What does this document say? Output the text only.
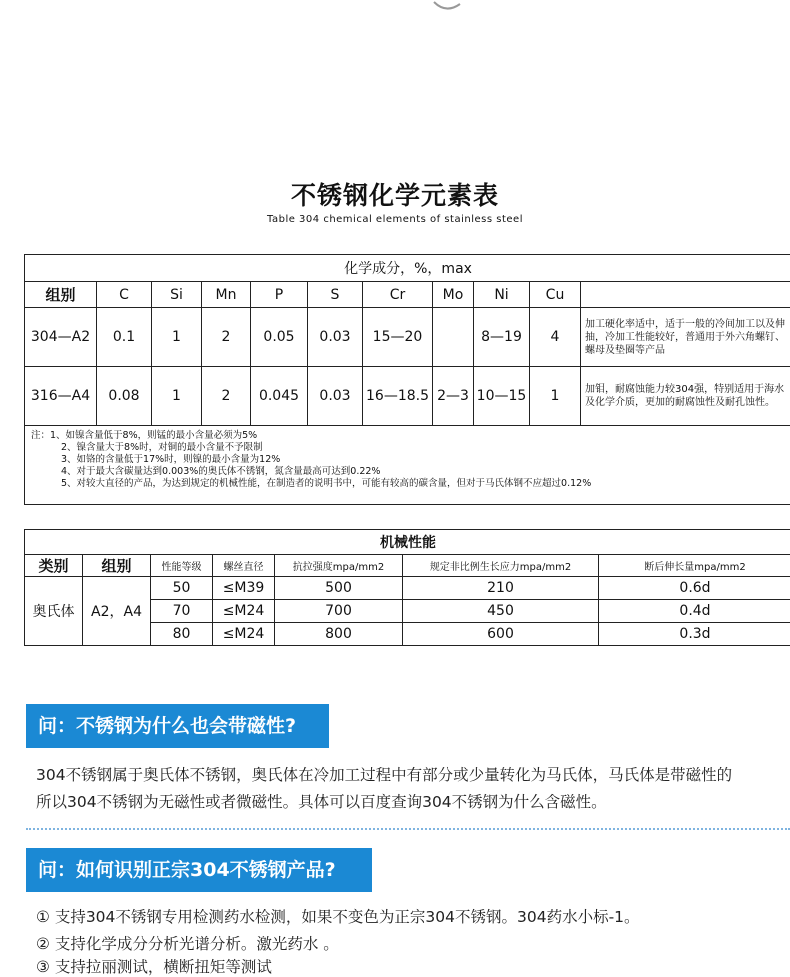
不锈钢化学元素表
Table 304 chemical elements of stainless steel
化学成分，%，max										
组别	C	Si	Mn	P	S	Cr	Mo	Ni	Cu	
304—A2	0.1	1	2	0.05	0.03	15—20		8—19	4	加工硬化率适中，适于一般的冷间加工以及伸抽，冷加工性能较好，普通用于外六角螺钉、螺母及垫圈等产品
316—A4	0.08	1	2	0.045	0.03	16—18.5	2—3	10—15	1	加钼，耐腐蚀能力较304强，特别适用于海水及化学介质，更加的耐腐蚀性及耐孔蚀性。

注：1、如镍含量低于8%，则锰的最小含量必须为5%
2、镍含量大于8%时，对铜的最小含量不予限制
3、如铬的含量低于17%时，则镍的最小含量为12%
4、对于最大含碳量达到0.003%的奥氏体不锈钢，氮含量最高可达到0.22%
5、对较大直径的产品，为达到规定的机械性能，在制造者的说明书中，可能有较高的碳含量，但对于马氏体钢不应超过0.12%										
机械性能						
类别	组别	性能等级	螺丝直径	抗拉强度mpa/mm2	规定非比例生长应力mpa/mm2	断后伸长量mpa/mm2
奥氏体	A2，A4	50	≤M39	500	210	0.6d
		70	≤M24	700	450	0.4d
		80	≤M24	800	600	0.3d
问：不锈钢为什么也会带磁性?
304不锈钢属于奥氏体不锈钢，奥氏体在冷加工过程中有部分或少量转化为马氏体，马氏体是带磁性的
所以304不锈钢为无磁性或者微磁性。具体可以百度查询304不锈钢为什么含磁性。
问：如何识别正宗304不锈钢产品?
① 支持304不锈钢专用检测药水检测，如果不变色为正宗304不锈钢。304药水小标-1。
② 支持化学成分分析光谱分析。激光药水 。
③ 支持拉丽测试，横断扭矩等测试
